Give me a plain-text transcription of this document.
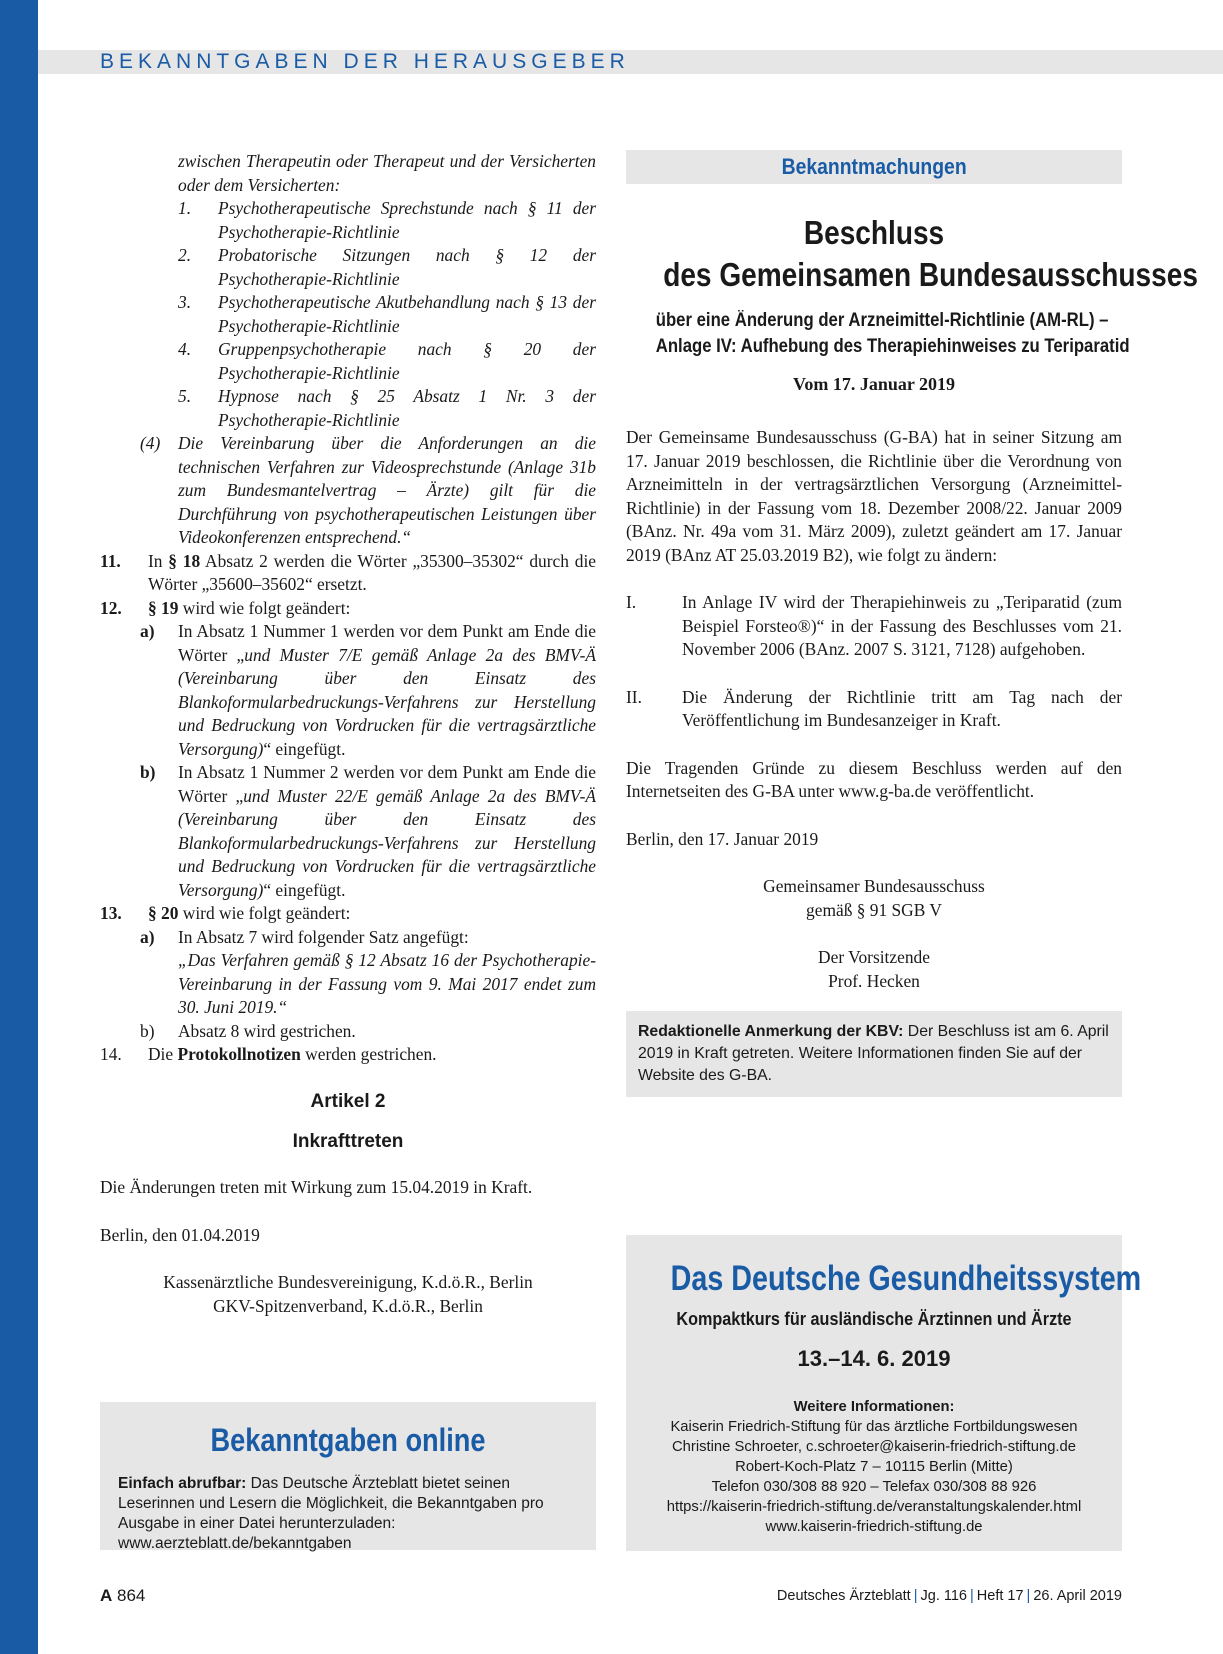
BEKANNTGABEN DER HERAUSGEBER
zwischen Therapeutin oder Therapeut und der Versicherten oder dem Versicherten:
1.	Psychotherapeutische Sprechstunde nach § 11 der Psychotherapie-Richtlinie
2.	Probatorische Sitzungen nach § 12 der Psychotherapie-Richtlinie
3.	Psychotherapeutische Akutbehandlung nach § 13 der Psychotherapie-Richtlinie
4.	Gruppenpsychotherapie nach § 20 der Psychotherapie-Richtlinie
5.	Hypnose nach § 25 Absatz 1 Nr. 3 der Psychotherapie-Richtlinie
(4)	Die Vereinbarung über die Anforderungen an die technischen Verfahren zur Videosprechstunde (Anlage 31b zum Bundesmantelvertrag – Ärzte) gilt für die Durchführung von psychotherapeutischen Leistungen über Videokonferenzen entsprechend.“
11.	In § 18 Absatz 2 werden die Wörter „35300–35302“ durch die Wörter „35600–35602“ ersetzt.
12.	§ 19 wird wie folgt geändert:
a)	In Absatz 1 Nummer 1 werden vor dem Punkt am Ende die Wörter „und Muster 7/E gemäß Anlage 2a des BMV-Ä (Vereinbarung über den Einsatz des Blankoformularbedruckungs-Verfahrens zur Herstellung und Bedruckung von Vordrucken für die vertragsärztliche Versorgung)“ eingefügt.
b)	In Absatz 1 Nummer 2 werden vor dem Punkt am Ende die Wörter „und Muster 22/E gemäß Anlage 2a des BMV-Ä (Vereinbarung über den Einsatz des Blankoformularbedruckungs-Verfahrens zur Herstellung und Bedruckung von Vordrucken für die vertragsärztliche Versorgung)“ eingefügt.
13.	§ 20 wird wie folgt geändert:
a)	In Absatz 7 wird folgender Satz angefügt:
„Das Verfahren gemäß § 12 Absatz 16 der Psychotherapie-Vereinbarung in der Fassung vom 9. Mai 2017 endet zum 30. Juni 2019.“
b)	Absatz 8 wird gestrichen.
14.	Die Protokollnotizen werden gestrichen.
Artikel 2
Inkrafttreten
Die Änderungen treten mit Wirkung zum 15.04.2019 in Kraft.
Berlin, den 01.04.2019
Kassenärztliche Bundesvereinigung, K.d.ö.R., Berlin
GKV-Spitzenverband, K.d.ö.R., Berlin
Bekanntgaben online
Einfach abrufbar: Das Deutsche Ärzteblatt bietet seinen Leserinnen und Lesern die Möglichkeit, die Bekanntgaben pro Ausgabe in einer Datei herunterzuladen: www.aerzteblatt.de/bekanntgaben
Bekanntmachungen
Beschluss
des Gemeinsamen Bundesausschusses
über eine Änderung der Arzneimittel-Richtlinie (AM-RL) –
Anlage IV: Aufhebung des Therapiehinweises zu Teriparatid
Vom 17. Januar 2019
Der Gemeinsame Bundesausschuss (G-BA) hat in seiner Sitzung am 17. Januar 2019 beschlossen, die Richtlinie über die Verordnung von Arzneimitteln in der vertragsärztlichen Versorgung (Arzneimittel-Richtlinie) in der Fassung vom 18. Dezember 2008/22. Januar 2009 (BAnz. Nr. 49a vom 31. März 2009), zuletzt geändert am 17. Januar 2019 (BAnz AT 25.03.2019 B2), wie folgt zu ändern:
I.	In Anlage IV wird der Therapiehinweis zu „Teriparatid (zum Beispiel Forsteo®)“ in der Fassung des Beschlusses vom 21. November 2006 (BAnz. 2007 S. 3121, 7128) aufgehoben.
II.	Die Änderung der Richtlinie tritt am Tag nach der Veröffentlichung im Bundesanzeiger in Kraft.
Die Tragenden Gründe zu diesem Beschluss werden auf den Internetseiten des G-BA unter www.g-ba.de veröffentlicht.
Berlin, den 17. Januar 2019
Gemeinsamer Bundesausschuss
gemäß § 91 SGB V
Der Vorsitzende
Prof. Hecken
Redaktionelle Anmerkung der KBV: Der Beschluss ist am 6. April 2019 in Kraft getreten. Weitere Informationen finden Sie auf der Website des G-BA.
Das Deutsche Gesundheitssystem
Kompaktkurs für ausländische Ärztinnen und Ärzte
13.–14. 6. 2019
Weitere Informationen:
Kaiserin Friedrich-Stiftung für das ärztliche Fortbildungswesen
Christine Schroeter, c.schroeter@kaiserin-friedrich-stiftung.de
Robert-Koch-Platz 7 – 10115 Berlin (Mitte)
Telefon 030/308 88 920 – Telefax 030/308 88 926
https://kaiserin-friedrich-stiftung.de/veranstaltungskalender.html
www.kaiserin-friedrich-stiftung.de
A 864	Deutsches Ärzteblatt | Jg. 116 | Heft 17 | 26. April 2019
